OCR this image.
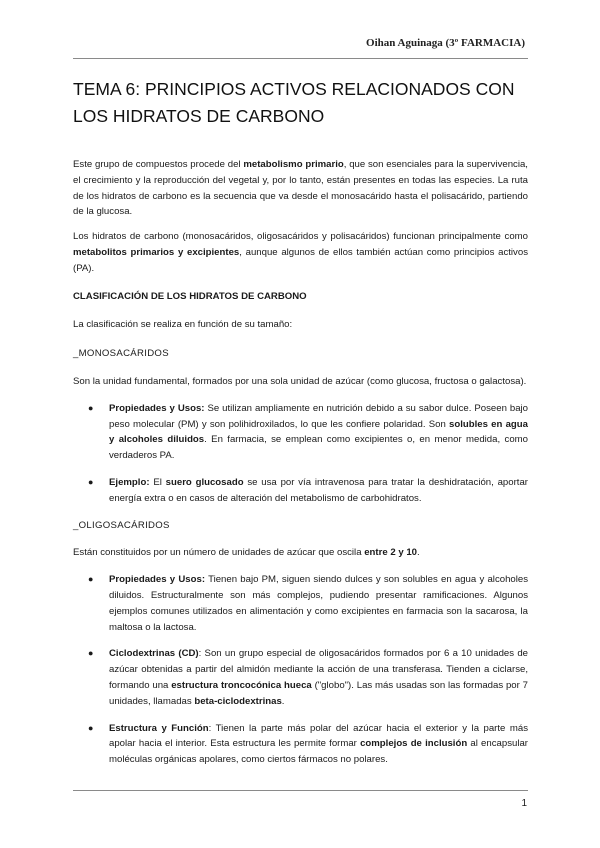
Oihan Aguinaga (3º FARMACIA)
TEMA 6: PRINCIPIOS ACTIVOS RELACIONADOS CON LOS HIDRATOS DE CARBONO

Este grupo de compuestos procede del metabolismo primario, que son esenciales para la supervivencia, el crecimiento y la reproducción del vegetal y, por lo tanto, están presentes en todas las especies. La ruta de los hidratos de carbono es la secuencia que va desde el monosacárido hasta el polisacárido, partiendo de la glucosa.

Los hidratos de carbono (monosacáridos, oligosacáridos y polisacáridos) funcionan principalmente como metabolitos primarios y excipientes, aunque algunos de ellos también actúan como principios activos (PA).

CLASIFICACIÓN DE LOS HIDRATOS DE CARBONO

La clasificación se realiza en función de su tamaño:

_MONOSACÁRIDOS

Son la unidad fundamental, formados por una sola unidad de azúcar (como glucosa, fructosa o galactosa).

● Propiedades y Usos: Se utilizan ampliamente en nutrición debido a su sabor dulce. Poseen bajo peso molecular (PM) y son polihidroxilados, lo que les confiere polaridad. Son solubles en agua y alcoholes diluidos. En farmacia, se emplean como excipientes o, en menor medida, como verdaderos PA.
● Ejemplo: El suero glucosado se usa por vía intravenosa para tratar la deshidratación, aportar energía extra o en casos de alteración del metabolismo de carbohidratos.

_OLIGOSACÁRIDOS

Están constituidos por un número de unidades de azúcar que oscila entre 2 y 10.

● Propiedades y Usos: Tienen bajo PM, siguen siendo dulces y son solubles en agua y alcoholes diluidos. Estructuralmente son más complejos, pudiendo presentar ramificaciones. Algunos ejemplos comunes utilizados en alimentación y como excipientes en farmacia son la sacarosa, la maltosa o la lactosa.
● Ciclodextrinas (CD): Son un grupo especial de oligosacáridos formados por 6 a 10 unidades de azúcar obtenidas a partir del almidón mediante la acción de una transferasa. Tienden a ciclarse, formando una estructura troncocónica hueca ("globo"). Las más usadas son las formadas por 7 unidades, llamadas beta-ciclodextrinas.
● Estructura y Función: Tienen la parte más polar del azúcar hacia el exterior y la parte más apolar hacia el interior. Esta estructura les permite formar complejos de inclusión al encapsular moléculas orgánicas apolares, como ciertos fármacos no polares.
1
